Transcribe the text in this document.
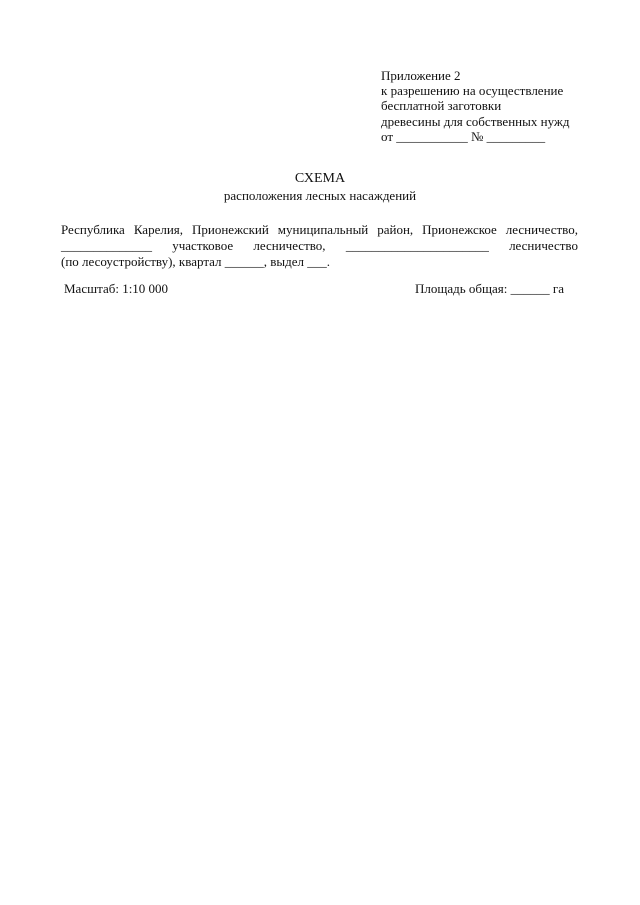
Приложение 2
к разрешению на осуществление
бесплатной заготовки
древесины для собственных нужд
от ___________ № _________
СХЕМА
расположения лесных насаждений
Республика Карелия, Прионежский муниципальный район, Прионежское лесничество,
______________ участковое лесничество, ______________________ лесничество
(по лесоустройству), квартал ______, выдел ___.
Масштаб: 1:10 000	Площадь общая: ______ га
